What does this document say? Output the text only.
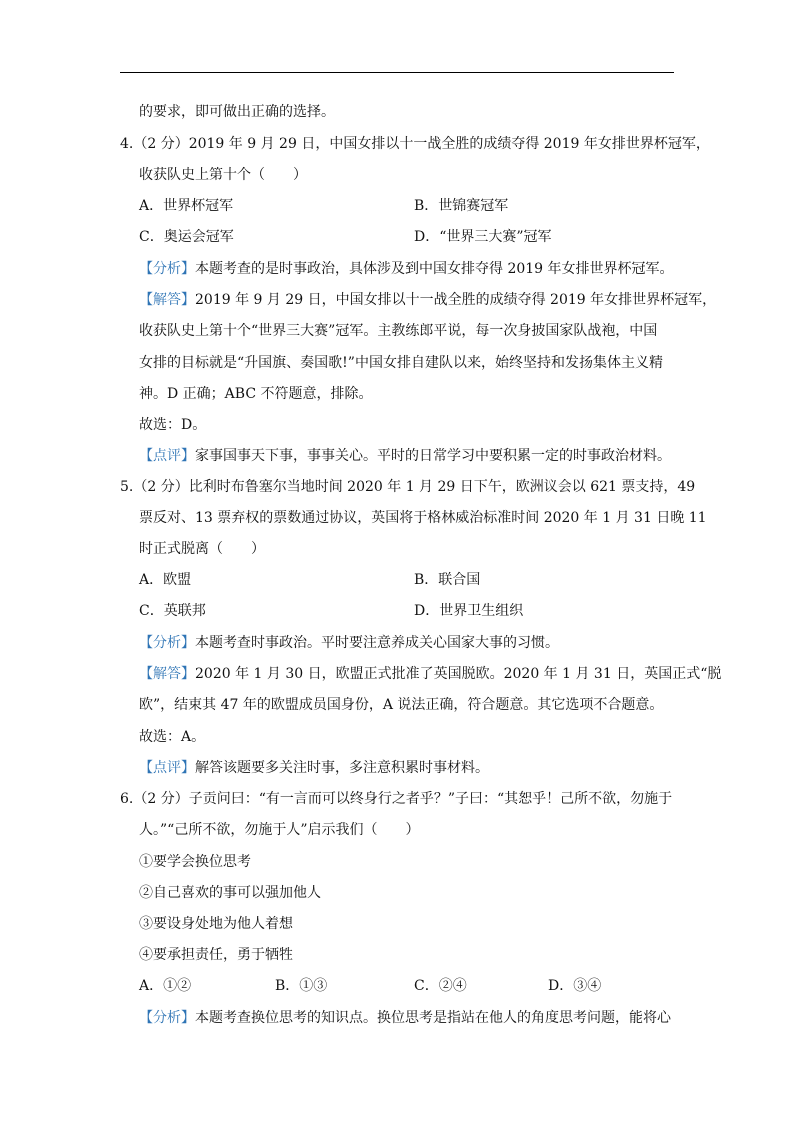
的要求，即可做出正确的选择。
4.（2 分）2019 年 9 月 29 日，中国女排以十一战全胜的成绩夺得 2019 年女排世界杯冠军，
收获队史上第十个（　　）
A．世界杯冠军	B．世锦赛冠军
C．奥运会冠军	D．“世界三大赛”冠军
【分析】本题考查的是时事政治，具体涉及到中国女排夺得 2019 年女排世界杯冠军。
【解答】2019 年 9 月 29 日，中国女排以十一战全胜的成绩夺得 2019 年女排世界杯冠军，
收获队史上第十个“世界三大赛”冠军。主教练郎平说，每一次身披国家队战袍，中国
女排的目标就是“升国旗、奏国歌!”中国女排自建队以来，始终坚持和发扬集体主义精
神。D 正确；ABC 不符题意，排除。
故选：D。
【点评】家事国事天下事，事事关心。平时的日常学习中要积累一定的时事政治材料。
5.（2 分）比利时布鲁塞尔当地时间 2020 年 1 月 29 日下午，欧洲议会以 621 票支持，49
票反对、13 票弃权的票数通过协议，英国将于格林威治标准时间 2020 年 1 月 31 日晚 11
时正式脱离（　　）
A．欧盟	B．联合国
C．英联邦	D．世界卫生组织
【分析】本题考查时事政治。平时要注意养成关心国家大事的习惯。
【解答】2020 年 1 月 30 日，欧盟正式批准了英国脱欧。2020 年 1 月 31 日，英国正式“脱
欧”，结束其 47 年的欧盟成员国身份，A 说法正确，符合题意。其它选项不合题意。
故选：A。
【点评】解答该题要多关注时事，多注意积累时事材料。
6.（2 分）子贡问曰：“有一言而可以终身行之者乎？”子曰：“其恕乎！己所不欲，勿施于
人。”“己所不欲，勿施于人”启示我们（　　）
①要学会换位思考
②自己喜欢的事可以强加他人
③要设身处地为他人着想
④要承担责任，勇于牺牲
A．①②	B．①③	C．②④	D．③④
【分析】本题考查换位思考的知识点。换位思考是指站在他人的角度思考问题，能将心
